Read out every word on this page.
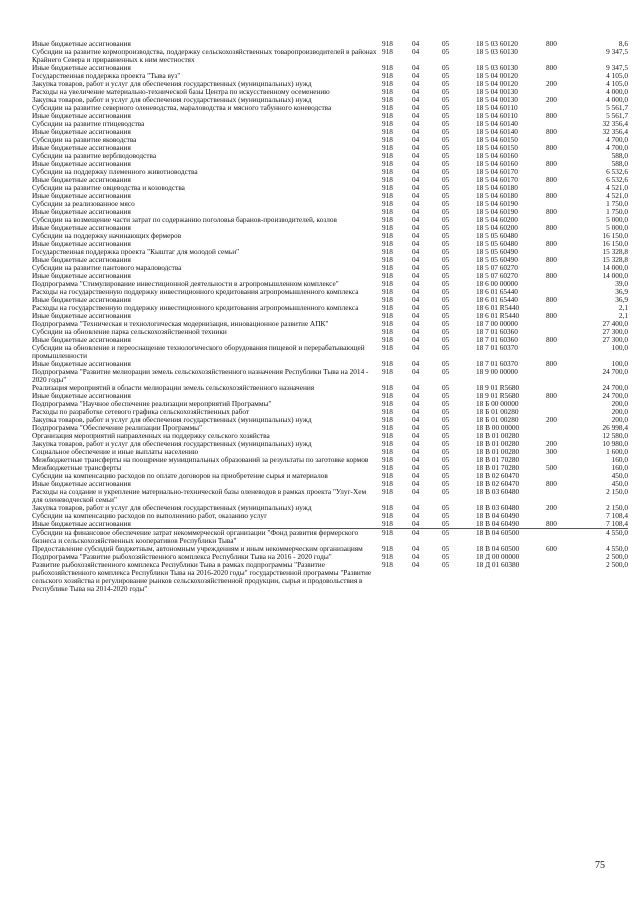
Иные бюджетные ассигнования	918	04	05	18 5 03 60120	800	8,6
Субсидии на развитие кормопроизводства, поддержку сельскохозяйственных товаропроизводителей в районах Крайнего Севера и приравненных к ним местностях	918	04	05	18 5 03 60130		9 347,5
Иные бюджетные ассигнования	918	04	05	18 5 03 60130	800	9 347,5
Государственная поддержка проекта "Тыва вуз"	918	04	05	18 5 04 00120		4 105,0
Закупка товаров, работ и услуг для обеспечения государственных (муниципальных) нужд	918	04	05	18 5 04 00120	200	4 105,0
Расходы на увеличение материально-технической базы Центра по искусственному осеменению	918	04	05	18 5 04 00130		4 000,0
Закупка товаров, работ и услуг для обеспечения государственных (муниципальных) нужд	918	04	05	18 5 04 00130	200	4 000,0
Субсидии на развитие северного оленеводства, мараловодства и мясного табунного коневодства	918	04	05	18 5 04 60110		5 561,7
Иные бюджетные ассигнования	918	04	05	18 5 04 60110	800	5 561,7
Субсидии на развитие птицеводства	918	04	05	18 5 04 60140		32 356,4
Иные бюджетные ассигнования	918	04	05	18 5 04 60140	800	32 356,4
Субсидии на развитие яководства	918	04	05	18 5 04 60150		4 700,0
Иные бюджетные ассигнования	918	04	05	18 5 04 60150	800	4 700,0
Субсидии на развитие верблюдоводства	918	04	05	18 5 04 60160		588,0
Иные бюджетные ассигнования	918	04	05	18 5 04 60160	800	588,0
Субсидии на поддержку племенного животноводства	918	04	05	18 5 04 60170		6 532,6
Иные бюджетные ассигнования	918	04	05	18 5 04 60170	800	6 532,6
Субсидии на развитие овцеводства и козоводства	918	04	05	18 5 04 60180		4 521,0
Иные бюджетные ассигнования	918	04	05	18 5 04 60180	800	4 521,0
Субсидии за реализованное мясо	918	04	05	18 5 04 60190		1 750,0
Иные бюджетные ассигнования	918	04	05	18 5 04 60190	800	1 750,0
Субсидии на возмещение части затрат по содержанию поголовья баранов-производителей, козлов	918	04	05	18 5 04 60200		5 000,0
Иные бюджетные ассигнования	918	04	05	18 5 04 60200	800	5 000,0
Субсидии на поддержку начинающих фермеров	918	04	05	18 5 05 60480		16 150,0
Иные бюджетные ассигнования	918	04	05	18 5 05 60480	800	16 150,0
Государственная поддержка проекта "Кыштаг для молодой семьи"	918	04	05	18 5 05 60490		15 328,8
Иные бюджетные ассигнования	918	04	05	18 5 05 60490	800	15 328,8
Субсидии на развитие пантового мараловодства	918	04	05	18 5 07 60270		14 000,0
Иные бюджетные ассигнования	918	04	05	18 5 07 60270	800	14 000,0
Подпрограмма "Стимулирование инвестиционной деятельности в агропромышленном комплексе"	918	04	05	18 6 00 00000		39,0
Расходы на государственную поддержку инвестиционного кредитования агропромышленного комплекса	918	04	05	18 6 01 65440		36,9
Иные бюджетные ассигнования	918	04	05	18 6 01 65440	800	36,9
Расходы на государственную поддержку инвестиционного кредитования агропромышленного комплекса	918	04	05	18 6 01 R5440		2,1
Иные бюджетные ассигнования	918	04	05	18 6 01 R5440	800	2,1
Подпрограмма "Техническая и технологическая модернизация, инновационное развитие АПК"	918	04	05	18 7 00 00000		27 400,0
Субсидии на обновление парка сельскохозяйственной техники	918	04	05	18 7 01 60360		27 300,0
Иные бюджетные ассигнования	918	04	05	18 7 01 60360	800	27 300,0
Субсидии на обновление и переоснащение технологического оборудования пищевой и перерабатывающей промышленности	918	04	05	18 7 01 60370		100,0
Иные бюджетные ассигнования	918	04	05	18 7 01 60370	800	100,0
Подпрограмма "Развитие мелиорации земель сельскохозяйственного назначения Республики Тыва на 2014 - 2020 годы"	918	04	05	18 9 00 00000		24 700,0
Реализация мероприятий в области мелиорации земель сельскохозяйственного назначения	918	04	05	18 9 01 R5680		24 700,0
Иные бюджетные ассигнования	918	04	05	18 9 01 R5680	800	24 700,0
Подпрограмма "Научное обеспечение реализации мероприятий Программы"	918	04	05	18 Б 00 00000		200,0
Расходы по разработке сетевого графика сельскохозяйственных работ	918	04	05	18 Б 01 00280		200,0
Закупка товаров, работ и услуг для обеспечения государственных (муниципальных) нужд	918	04	05	18 Б 01 00280	200	200,0
Подпрограмма "Обеспечение реализации Программы"	918	04	05	18 В 00 00000		26 998,4
Организация мероприятий направленных на поддержку сельского хозяйства	918	04	05	18 В 01 00280		12 580,0
Закупка товаров, работ и услуг для обеспечения государственных (муниципальных) нужд	918	04	05	18 В 01 00280	200	10 980,0
Социальное обеспечение и иные выплаты населению	918	04	05	18 В 01 00280	300	1 600,0
Межбюджетные трансферты на поощрение муниципальных образований за результаты по заготовке кормов	918	04	05	18 В 01 70280		160,0
Межбюджетные трансферты	918	04	05	18 В 01 70280	500	160,0
Субсидии на компенсацию расходов по оплате договоров на приобретение сырья и материалов	918	04	05	18 В 02 60470		450,0
Иные бюджетные ассигнования	918	04	05	18 В 02 60470	800	450,0
Расходы на создание и укрепление материально-технической базы оленеводов в рамках проекта "Улуг-Хем для оленеводческой семьи"	918	04	05	18 В 03 60480		2 150,0
Закупка товаров, работ и услуг для обеспечения государственных (муниципальных) нужд	918	04	05	18 В 03 60480	200	2 150,0
Субсидии на компенсацию расходов по выполнению работ, оказанию услуг	918	04	05	18 В 04 60490		7 108,4
Иные бюджетные ассигнования	918	04	05	18 В 04 60490	800	7 108,4
Субсидии на финансовое обеспечение затрат некоммерческой организации "Фонд развития фермерского бизнеса и сельскохозяйственных кооперативов Республики Тыва"	918	04	05	18 В 04 60500		4 550,0
Предоставление субсидий бюджетным, автономным учреждениям и иным некоммерческим организациям	918	04	05	18 В 04 60500	600	4 550,0
Подпрограмма "Развитие рыбохозяйственного комплекса Республики Тыва на 2016 - 2020 годы"	918	04	05	18 Д 00 00000		2 500,0
Развитие рыбохозяйственного комплекса Республики Тыва в рамках подпрограммы "Развитие рыбохозяйственного комплекса Республики Тыва на 2016-2020 годы" государственной программы "Развитие сельского хозяйства и регулирование рынков сельскохозяйственной продукции, сырья и продовольствия в Республике Тыва на 2014-2020 годы"	918	04	05	18 Д 01 60380		2 500,0
75
